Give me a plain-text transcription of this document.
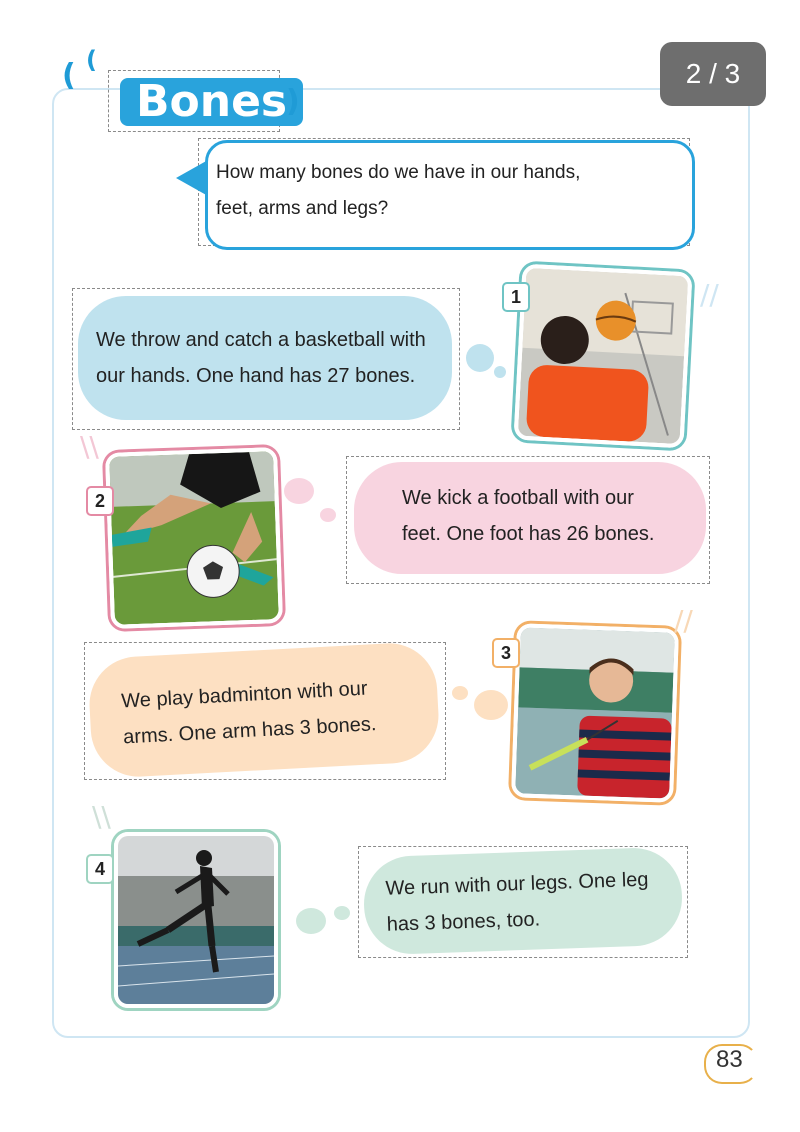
( (
Bones
)
2 / 3
How many bones do we have in our hands,
feet, arms and legs?
We throw and catch a basketball with
our hands. One hand has 27 bones.
1	//
2
\\
We kick a football with our
feet. One foot has 26 bones.
We play badminton with our
arms. One arm has 3 bones.
3
//
4
\\
We run with our legs. One leg
has 3 bones, too.
83
